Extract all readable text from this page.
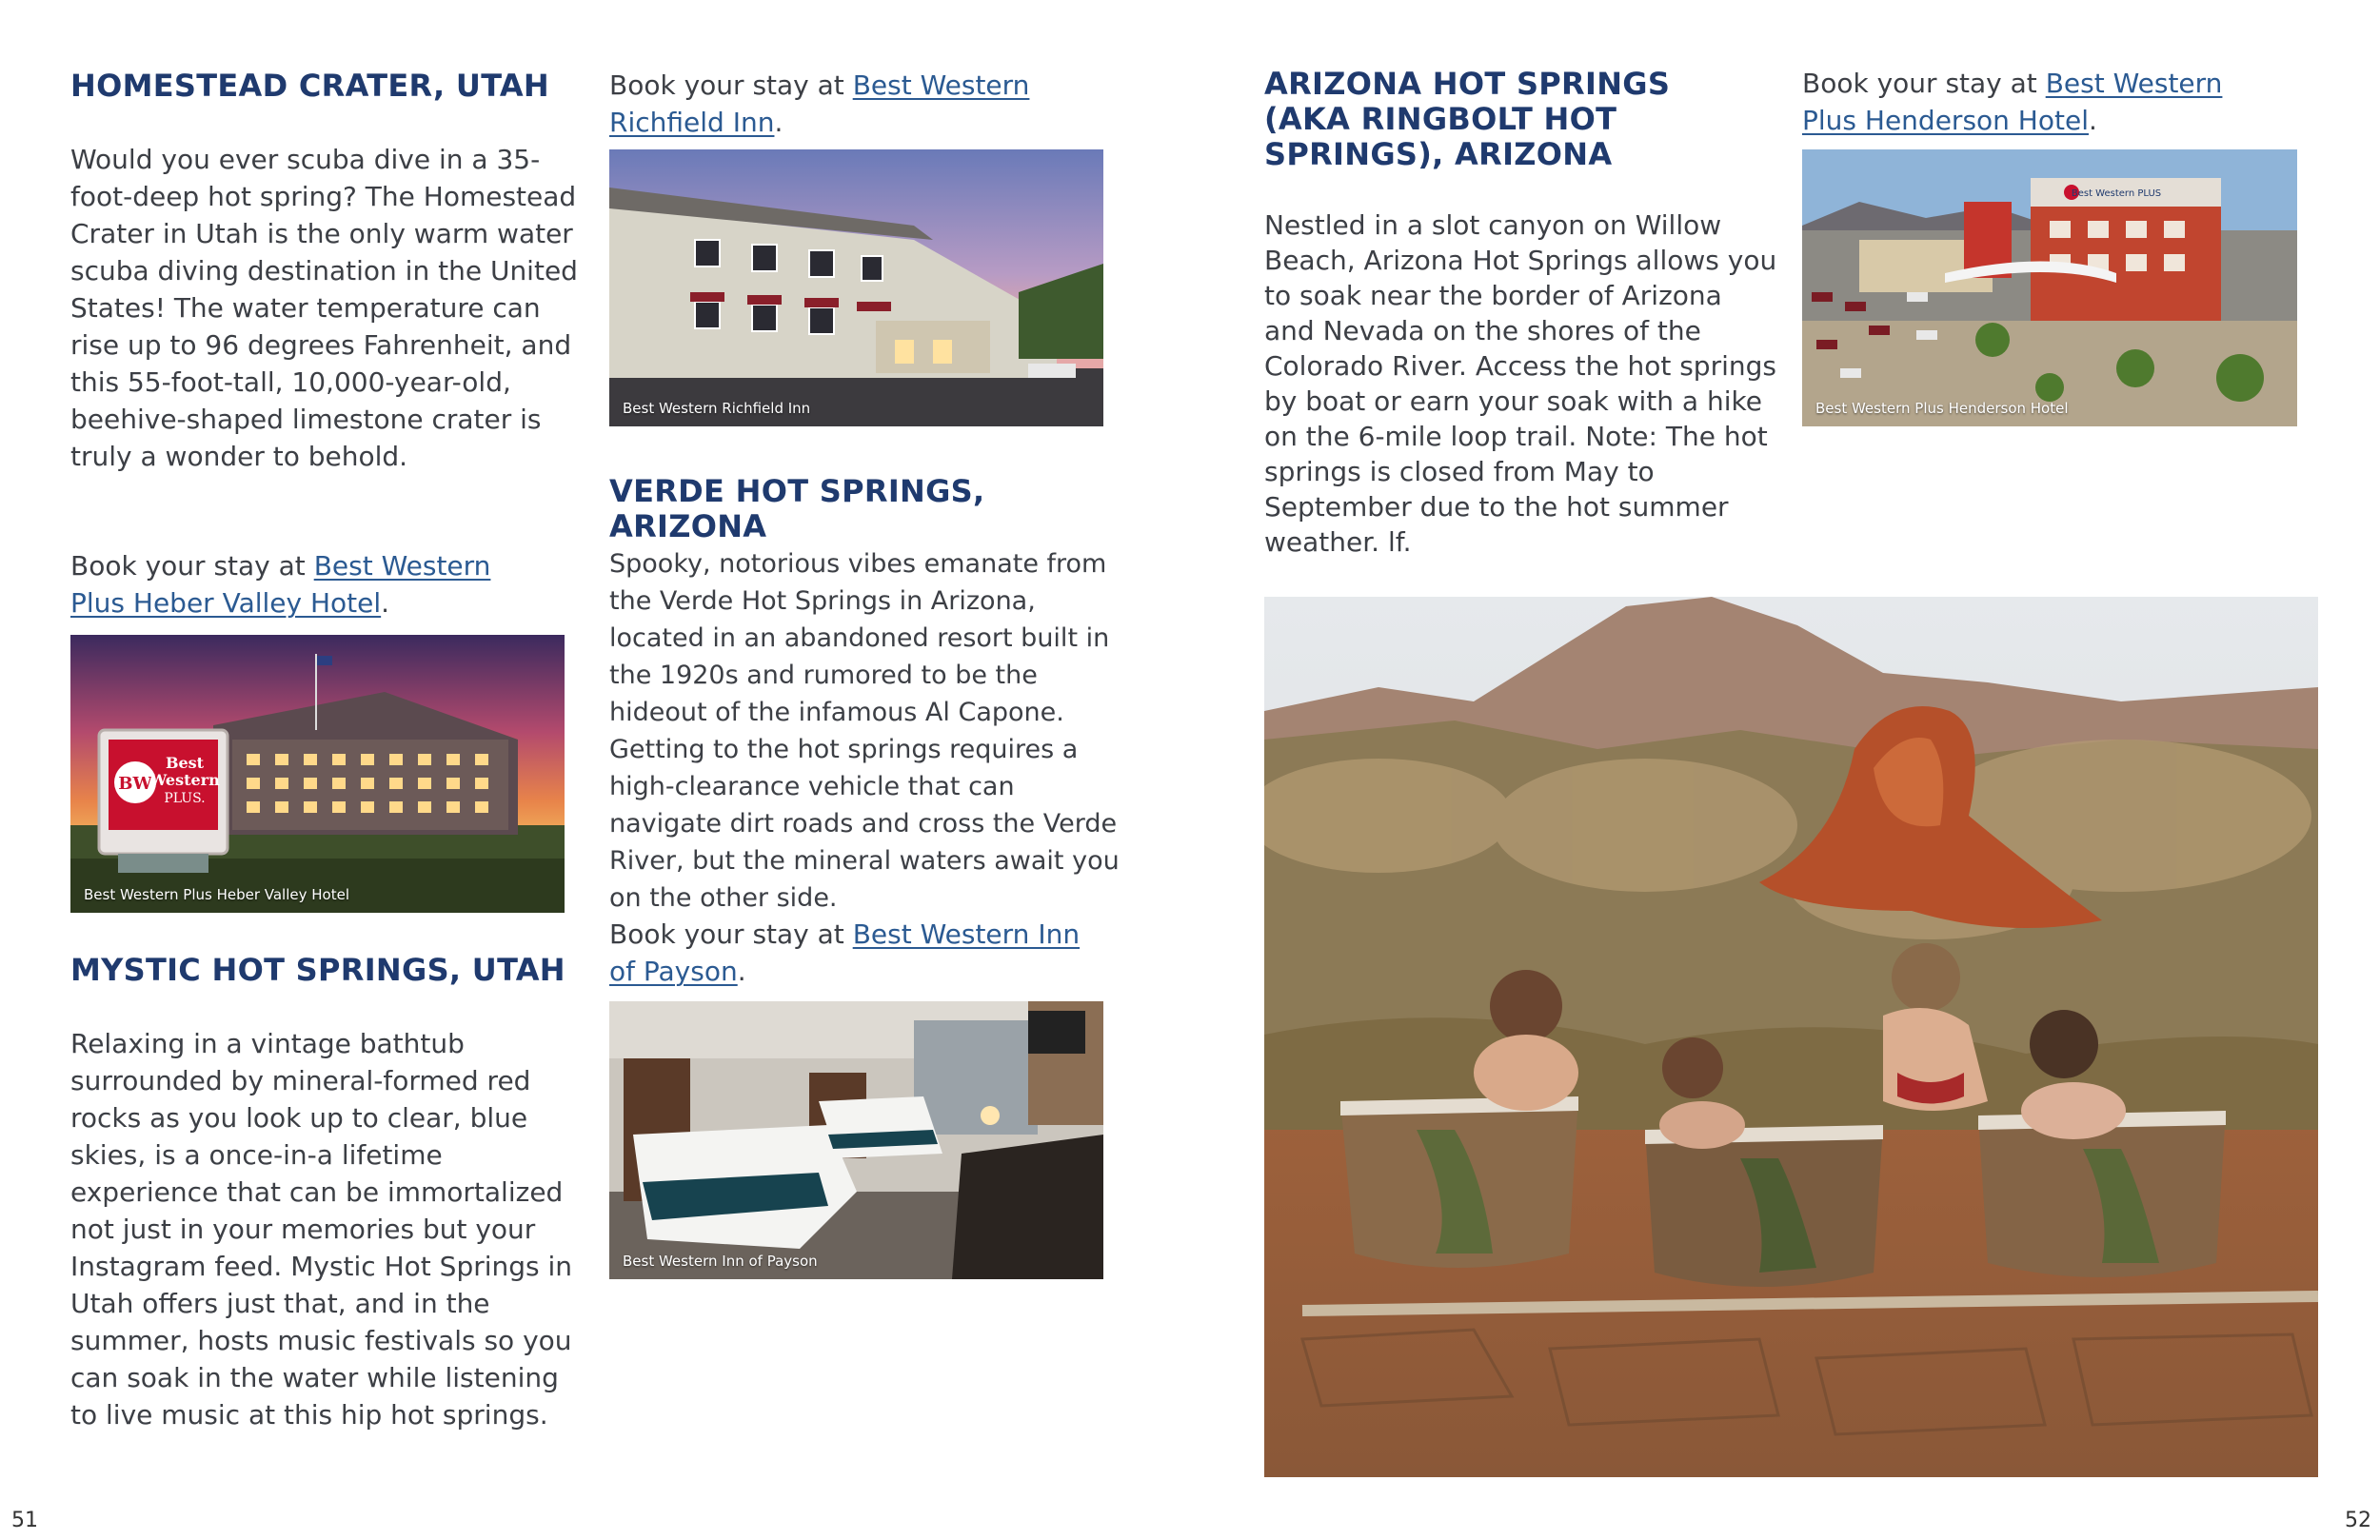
HOMESTEAD CRATER, UTAH

Would you ever scuba dive in a 35-foot-deep hot spring? The Homestead Crater in Utah is the only warm water scuba diving destination in the United States! The water temperature can rise up to 96 degrees Fahrenheit, and this 55-foot-tall, 10,000-year-old, beehive-shaped limestone crater is truly a wonder to behold.

Book your stay at Best Western Plus Heber Valley Hotel.

BW
Best
Western
PLUS.
Best Western Plus Heber Valley Hotel
MYSTIC HOT SPRINGS, UTAH

Relaxing in a vintage bathtub surrounded by mineral-formed red rocks as you look up to clear, blue skies, is a once-in-a lifetime experience that can be immortalized not just in your memories but your Instagram feed. Mystic Hot Springs in Utah offers just that, and in the summer, hosts music festivals so you can soak in the water while listening to live music at this hip hot springs.

Book your stay at Best Western Richfield Inn.

Best Western Richfield Inn
VERDE HOT SPRINGS, ARIZONA

Spooky, notorious vibes emanate from the Verde Hot Springs in Arizona, located in an abandoned resort built in the 1920s and rumored to be the hideout of the infamous Al Capone. Getting to the hot springs requires a high-clearance vehicle that can navigate dirt roads and cross the Verde River, but the mineral waters await you on the other side.

Book your stay at Best Western Inn of Payson.

Best Western Inn of Payson
51
ARIZONA HOT SPRINGS (AKA RINGBOLT HOT SPRINGS), ARIZONA

Nestled in a slot canyon on Willow Beach, Arizona Hot Springs allows you to soak near the border of Arizona and Nevada on the shores of the Colorado River. Access the hot springs by boat or earn your soak with a hike on the 6-mile loop trail. Note: The hot springs is closed from May to September due to the hot summer weather. lf.

Book your stay at Best Western Plus Henderson Hotel.

Best Western PLUS
Best Western Plus Henderson Hotel
52
